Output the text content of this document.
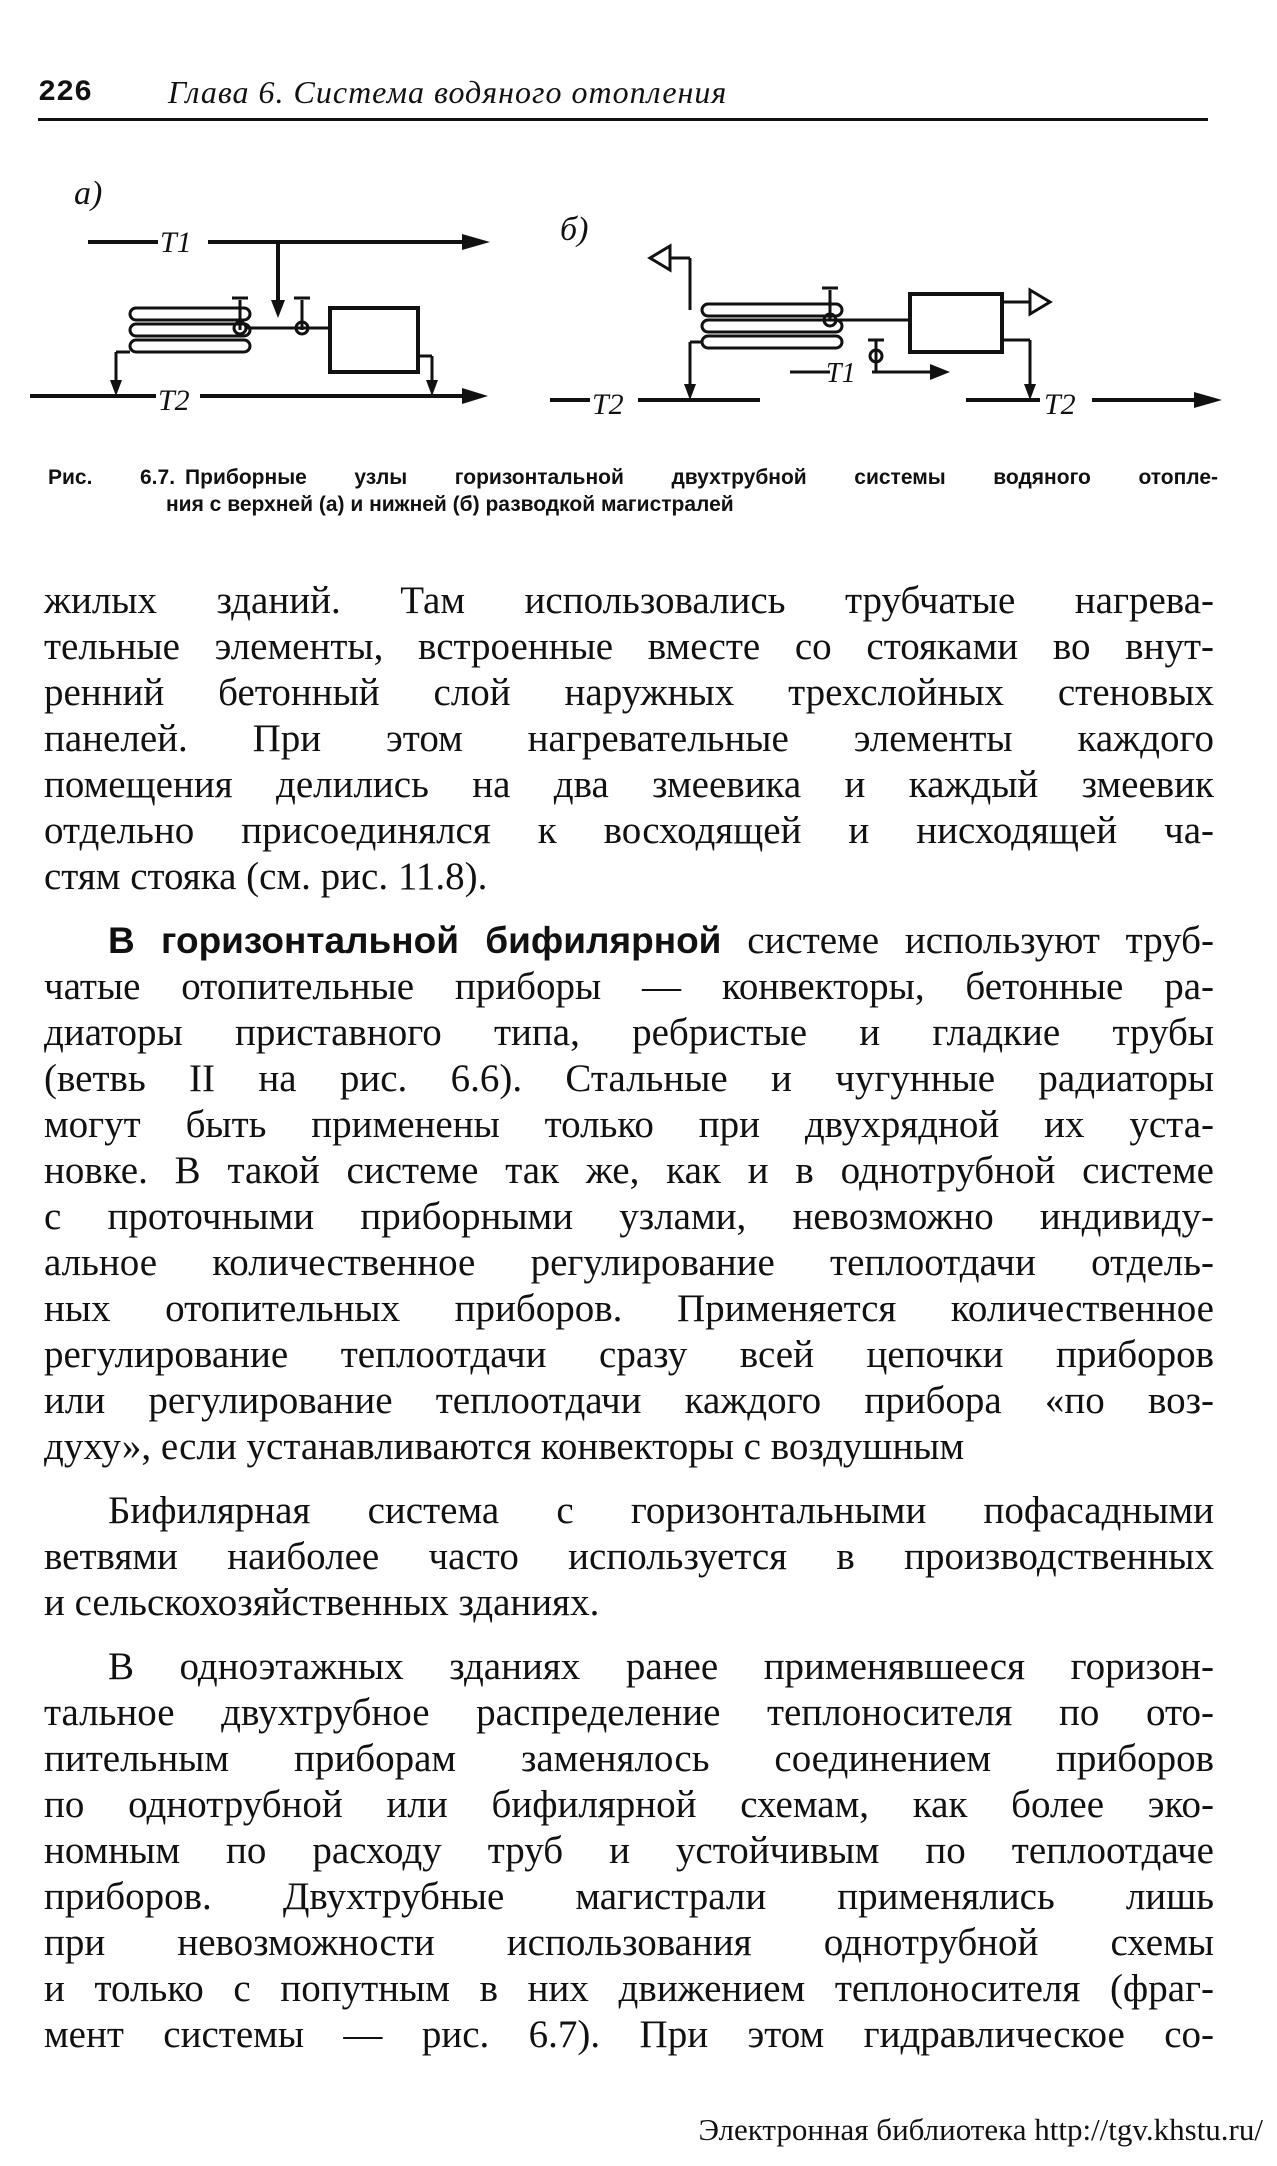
226 Глава 6. Система водяного отопления
а)
T1
T2
б)
T1
T2	T2
Рис. 6.7. Приборные узлы горизонтальной двухтрубной системы водяного отопле-
ния с верхней (а) и нижней (б) разводкой магистралей
жилых зданий. Там использовались трубчатые нагрева-
тельные элементы, встроенные вместе со стояками во внут-
ренний бетонный слой наружных трехслойных стеновых
панелей. При этом нагревательные элементы каждого
помещения делились на два змеевика и каждый змеевик
отдельно присоединялся к восходящей и нисходящей ча-
стям стояка (см. рис. 11.8).
В горизонтальной бифилярной системе используют труб-
чатые отопительные приборы — конвекторы, бетонные ра-
диаторы приставного типа, ребристые и гладкие трубы
(ветвь II на рис. 6.6). Стальные и чугунные радиаторы
могут быть применены только при двухрядной их уста-
новке. В такой системе так же, как и в однотрубной системе
с проточными приборными узлами, невозможно индивиду-
альное количественное регулирование теплоотдачи отдель-
ных отопительных приборов. Применяется количественное
регулирование теплоотдачи сразу всей цепочки приборов
или регулирование теплоотдачи каждого прибора «по воз-
духу», если устанавливаются конвекторы с воздушным
Бифилярная система с горизонтальными пофасадными
ветвями наиболее часто используется в производственных
и сельскохозяйственных зданиях.
В одноэтажных зданиях ранее применявшееся горизон-
тальное двухтрубное распределение теплоносителя по ото-
пительным приборам заменялось соединением приборов
по однотрубной или бифилярной схемам, как более эко-
номным по расходу труб и устойчивым по теплоотдаче
приборов. Двухтрубные магистрали применялись лишь
при невозможности использования однотрубной схемы
и только с попутным в них движением теплоносителя (фраг-
мент системы — рис. 6.7). При этом гидравлическое со-
Электронная библиотека http://tgv.khstu.ru/
